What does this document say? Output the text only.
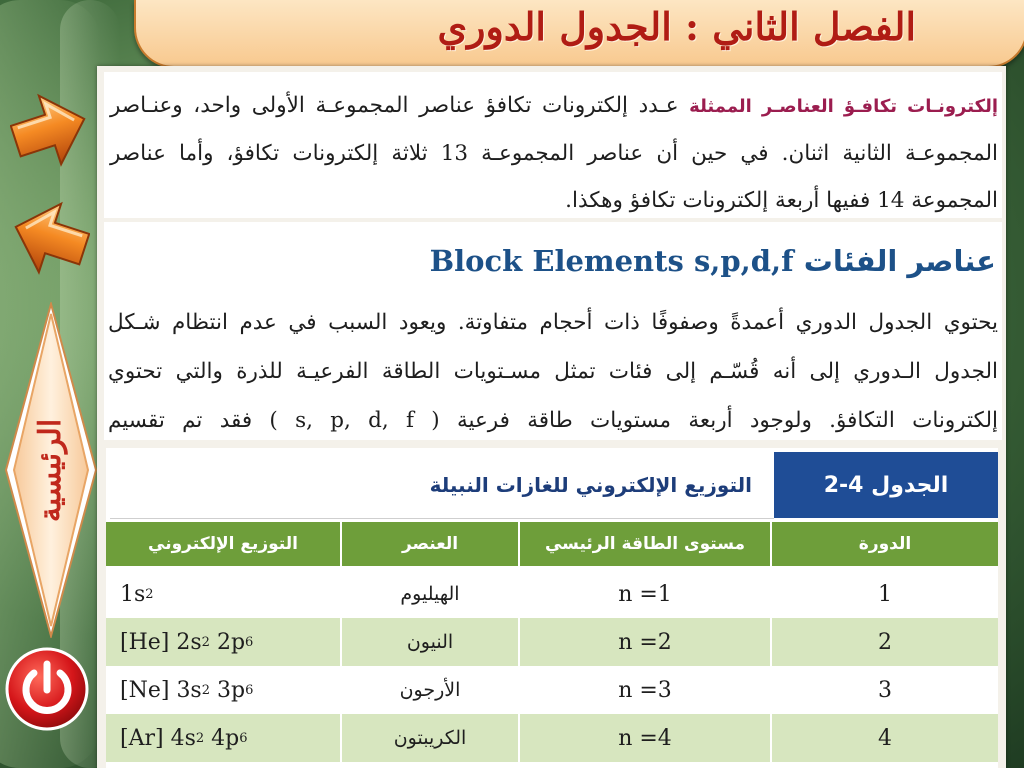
الفصل الثاني : الجدول الدوري
الرئيسية

إلكترونـات تكافـؤ العناصـر الممثلة عـدد إلكترونات تكافؤ عناصر المجموعـة الأولى واحد، وعنـاصر المجموعـة الثانية اثنان. في حين أن عناصر المجموعـة 13 ثلاثة إلكترونات تكافؤ، وأما عناصر المجموعة 14 ففيها أربعة إلكترونات تكافؤ وهكذا.

Block Elements s,p,d,f عناصر الفئات

يحتوي الجدول الدوري أعمدةً وصفوفًا ذات أحجام متفاوتة. ويعود السبب في عدم انتظام شـكل الجدول الـدوري إلى أنه قُسّـم إلى فئات تمثل مسـتويات الطاقة الفرعيـة للذرة والتي تحتوي إلكترونات التكافؤ. ولوجود أربعة مستويات طاقة فرعية ( s, p, d, f ) فقد تم تقسيم

التوزيع الإلكتروني للغازات النبيلة	الجدول 4-2
التوزيع الإلكتروني	العنصر	مستوى الطاقة الرئيسي	الدورة
1s 2	الهيليوم	n =1	1
[He] 2s 2 2p 6	النيون	n =2	2
[Ne] 3s 2 3p 6	الأرجون	n =3	3
[Ar] 4s 2 4p 6	الكريبتون	n =4	4
